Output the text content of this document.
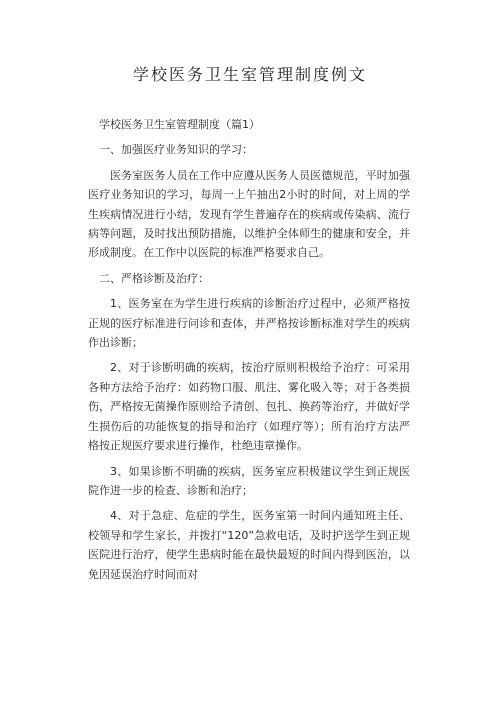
学校医务卫生室管理制度例文

学校医务卫生室管理制度（篇1）

一、加强医疗业务知识的学习：

医务室医务人员在工作中应遵从医务人员医德规范，平时加强医疗业务知识的学习，每周一上午抽出2小时的时间，对上周的学生疾病情况进行小结，发现有学生普遍存在的疾病或传染病、流行病等问题，及时找出预防措施，以维护全体师生的健康和安全，并形成制度。在工作中以医院的标准严格要求自己。

二、严格诊断及治疗：

1、医务室在为学生进行疾病的诊断治疗过程中，必须严格按正规的医疗标准进行问诊和查体，并严格按诊断标准对学生的疾病作出诊断；

2、对于诊断明确的疾病，按治疗原则积极给予治疗：可采用各种方法给予治疗：如药物口服、肌注、雾化吸入等；对于各类损伤，严格按无菌操作原则给予清创、包扎、换药等治疗，并做好学生损伤后的功能恢复的指导和治疗（如理疗等）；所有治疗方法严格按正规医疗要求进行操作，杜绝违章操作。

3、如果诊断不明确的疾病，医务室应积极建议学生到正规医院作进一步的检查、诊断和治疗；

4、对于急症、危症的学生，医务室第一时间内通知班主任、校领导和学生家长，并拨打“120”急救电话，及时护送学生到正规医院进行治疗，使学生患病时能在最快最短的时间内得到医治，以免因延误治疗时间而对
